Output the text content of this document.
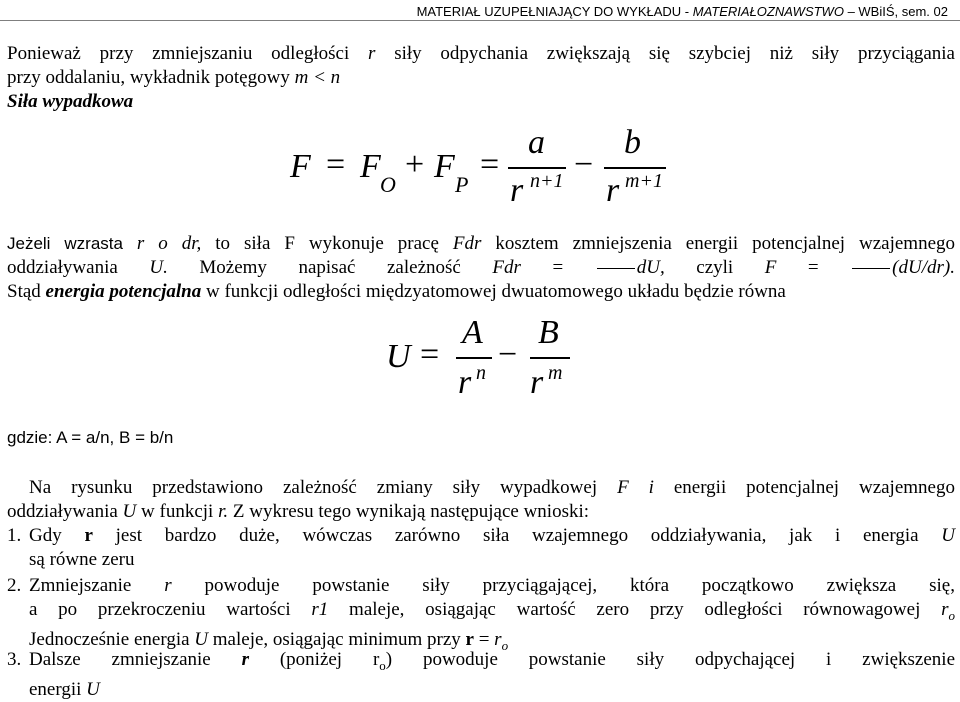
MATERIAŁ UZUPEŁNIAJĄCY DO WYKŁADU - MATERIAŁOZNAWSTWO – WBiIŚ, sem. 02
Ponieważ przy zmniejszaniu odległości r siły odpychania zwiększają się szybciej niż siły przyciągania
przy oddalaniu, wykładnik potęgowy m < n
Siła wypadkowa
F = F O
+ F P
=
a
r n+1 −
b
r m+1
Jeżeli wzrasta r o dr, to siła F wykonuje pracę Fdr kosztem zmniejszenia energii potencjalnej wzajemnego
oddziaływania U. Możemy napisać zależność Fdr = dU, czyli F = (dU/dr).
Stąd energia potencjalna w funkcji odległości międzyatomowej dwuatomowego układu będzie równa
U =
A
r n −
B
r m
gdzie: A = a/n, B = b/n
Na rysunku przedstawiono zależność zmiany siły wypadkowej F i energii potencjalnej wzajemnego
oddziaływania U w funkcji r. Z wykresu tego wynikają następujące wnioski:
1. Gdy r jest bardzo duże, wówczas zarówno siła wzajemnego oddziaływania, jak i energia U
są równe zeru
2. Zmniejszanie r powoduje powstanie siły przyciągającej, która początkowo zwiększa się,
a po przekroczeniu wartości r1 maleje, osiągając wartość zero przy odległości równowagowej $r_o$
Jednocześnie energia U maleje, osiągając minimum przy $r = r_o$
3. Dalsze zmniejszanie r (poniżej $r_o$) powoduje powstanie siły odpychającej i zwiększenie
energii U
